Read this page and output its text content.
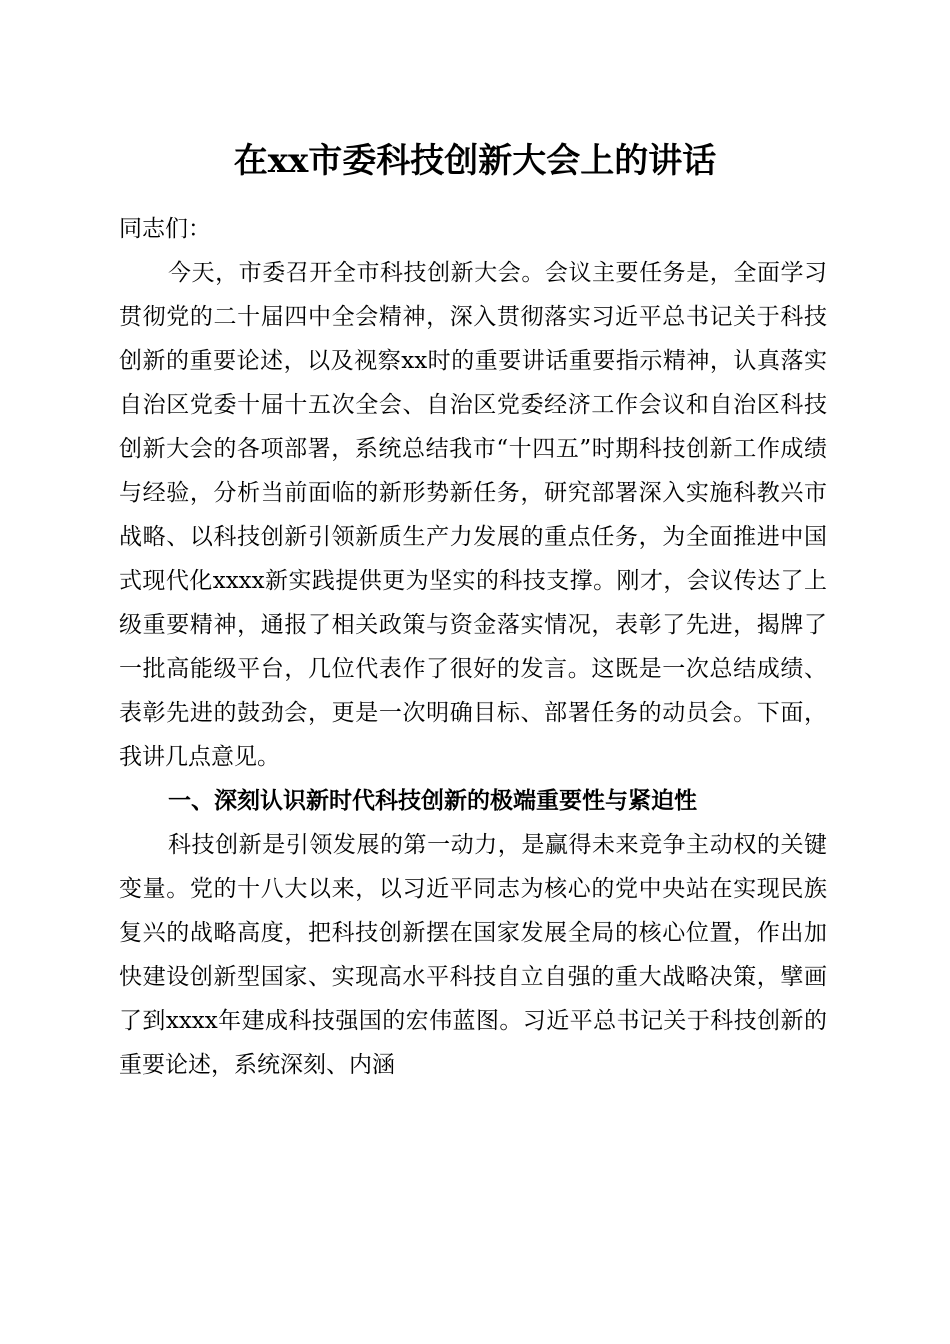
在xx市委科技创新大会上的讲话

同志们：

今天，市委召开全市科技创新大会。会议主要任务是，全面学习贯彻党的二十届四中全会精神，深入贯彻落实习近平总书记关于科技创新的重要论述，以及视察xx时的重要讲话重要指示精神，认真落实自治区党委十届十五次全会、自治区党委经济工作会议和自治区科技创新大会的各项部署，系统总结我市“十四五”时期科技创新工作成绩与经验，分析当前面临的新形势新任务，研究部署深入实施科教兴市战略、以科技创新引领新质生产力发展的重点任务，为全面推进中国式现代化xxxx新实践提供更为坚实的科技支撑。刚才，会议传达了上级重要精神，通报了相关政策与资金落实情况，表彰了先进，揭牌了一批高能级平台，几位代表作了很好的发言。这既是一次总结成绩、表彰先进的鼓劲会，更是一次明确目标、部署任务的动员会。下面，我讲几点意见。

一、深刻认识新时代科技创新的极端重要性与紧迫性

科技创新是引领发展的第一动力，是赢得未来竞争主动权的关键变量。党的十八大以来，以习近平同志为核心的党中央站在实现民族复兴的战略高度，把科技创新摆在国家发展全局的核心位置，作出加快建设创新型国家、实现高水平科技自立自强的重大战略决策，擘画了到xxxx年建成科技强国的宏伟蓝图。习近平总书记关于科技创新的重要论述，系统深刻、内涵
